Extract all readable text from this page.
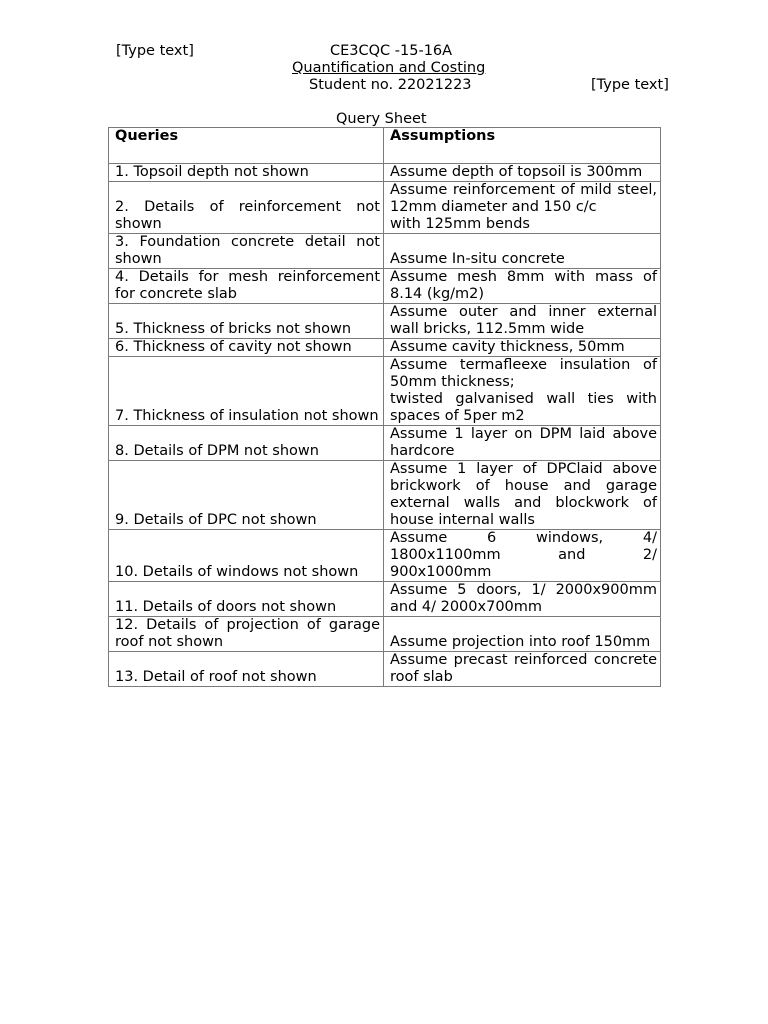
[Type text]	CE3CQC -15-16A
Quantification and Costing
Student no. 22021223	[Type text]
Query Sheet
Queries	Assumptions
1. Topsoil depth not shown	Assume depth of topsoil is 300mm
2. Details of reinforcement not shown	Assume reinforcement of mild steel, 12mm diameter and 150 c/c
with 125mm bends
3. Foundation concrete detail not shown	Assume In-situ concrete
4. Details for mesh reinforcement for concrete slab	Assume mesh 8mm with mass of 8.14 (kg/m2)
5. Thickness of bricks not shown	Assume outer and inner external wall bricks, 112.5mm wide
6. Thickness of cavity not shown	Assume cavity thickness, 50mm
7. Thickness of insulation not shown	Assume termafleexe insulation of 50mm thickness;
twisted galvanised wall ties with spaces of 5per m2
8. Details of DPM not shown	Assume 1 layer on DPM laid above hardcore
9. Details of DPC not shown	Assume 1 layer of DPClaid above brickwork of house and garage external walls and blockwork of house internal walls
10. Details of windows not shown	Assume 6 windows, 4/ 1800x1100mm and 2/ 900x1000mm
11. Details of doors not shown	Assume 5 doors, 1/ 2000x900mm and 4/ 2000x700mm
12. Details of projection of garage roof not shown	Assume projection into roof 150mm
13. Detail of roof not shown	Assume precast reinforced concrete roof slab
